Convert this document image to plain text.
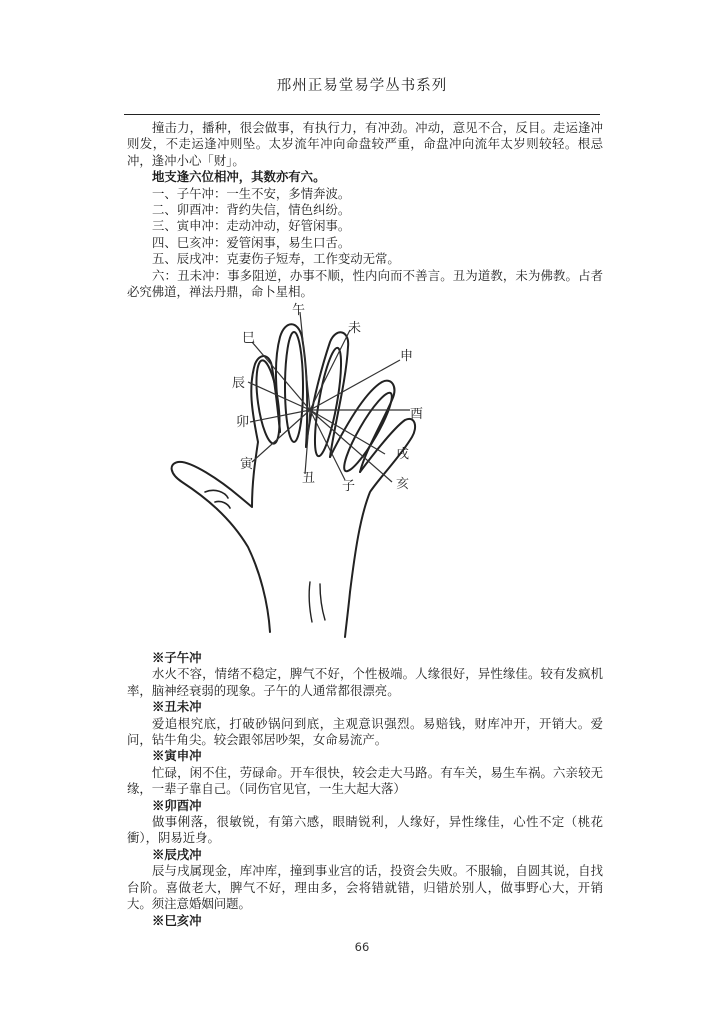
邢州正易堂易学丛书系列

撞击力，播种，很会做事，有执行力，有冲劲。冲动，意见不合，反目。走运逢冲则发，不走运逢冲则坠。太岁流年冲向命盘较严重，命盘冲向流年太岁则较轻。根忌冲，逢冲小心「财」。

地支逢六位相冲，其数亦有六。

一、子午冲：一生不安，多情奔波。

二、卯酉冲：背约失信，情色纠纷。

三、寅申冲：走动冲动，好管闲事。

四、巳亥冲：爱管闲事，易生口舌。

五、辰戌冲：克妻伤子短寿，工作变动无常。

六：丑未冲：事多阻逆，办事不顺，性内向而不善言。丑为道教，未为佛教。占者必究佛道，禅法丹鼎，命卜星相。

午
未
巳
申
辰
酉
卯
戌
寅
亥
丑
子

※子午冲

水火不容，情绪不稳定，脾气不好，个性极端。人缘很好，异性缘佳。较有发疯机率，脑神经衰弱的现象。子午的人通常都很漂亮。

※丑未冲

爱追根究底，打破砂锅问到底，主观意识强烈。易赔钱，财库冲开，开销大。爱问，钻牛角尖。较会跟邻居吵架，女命易流产。

※寅申冲

忙碌，闲不住，劳碌命。开车很快，较会走大马路。有车关，易生车祸。六亲较无缘，一辈子靠自己。（同伤官见官，一生大起大落）

※卯酉冲

做事俐落，很敏锐，有第六感，眼睛锐利，人缘好，异性缘佳，心性不定（桃花衝），阴易近身。

※辰戌冲

辰与戌属现金，库冲库，撞到事业宫的话，投资会失败。不服输，自圆其说，自找台阶。喜做老大，脾气不好，理由多，会将错就错，归错於别人，做事野心大，开销大。须注意婚姻问题。

※巳亥冲

66
